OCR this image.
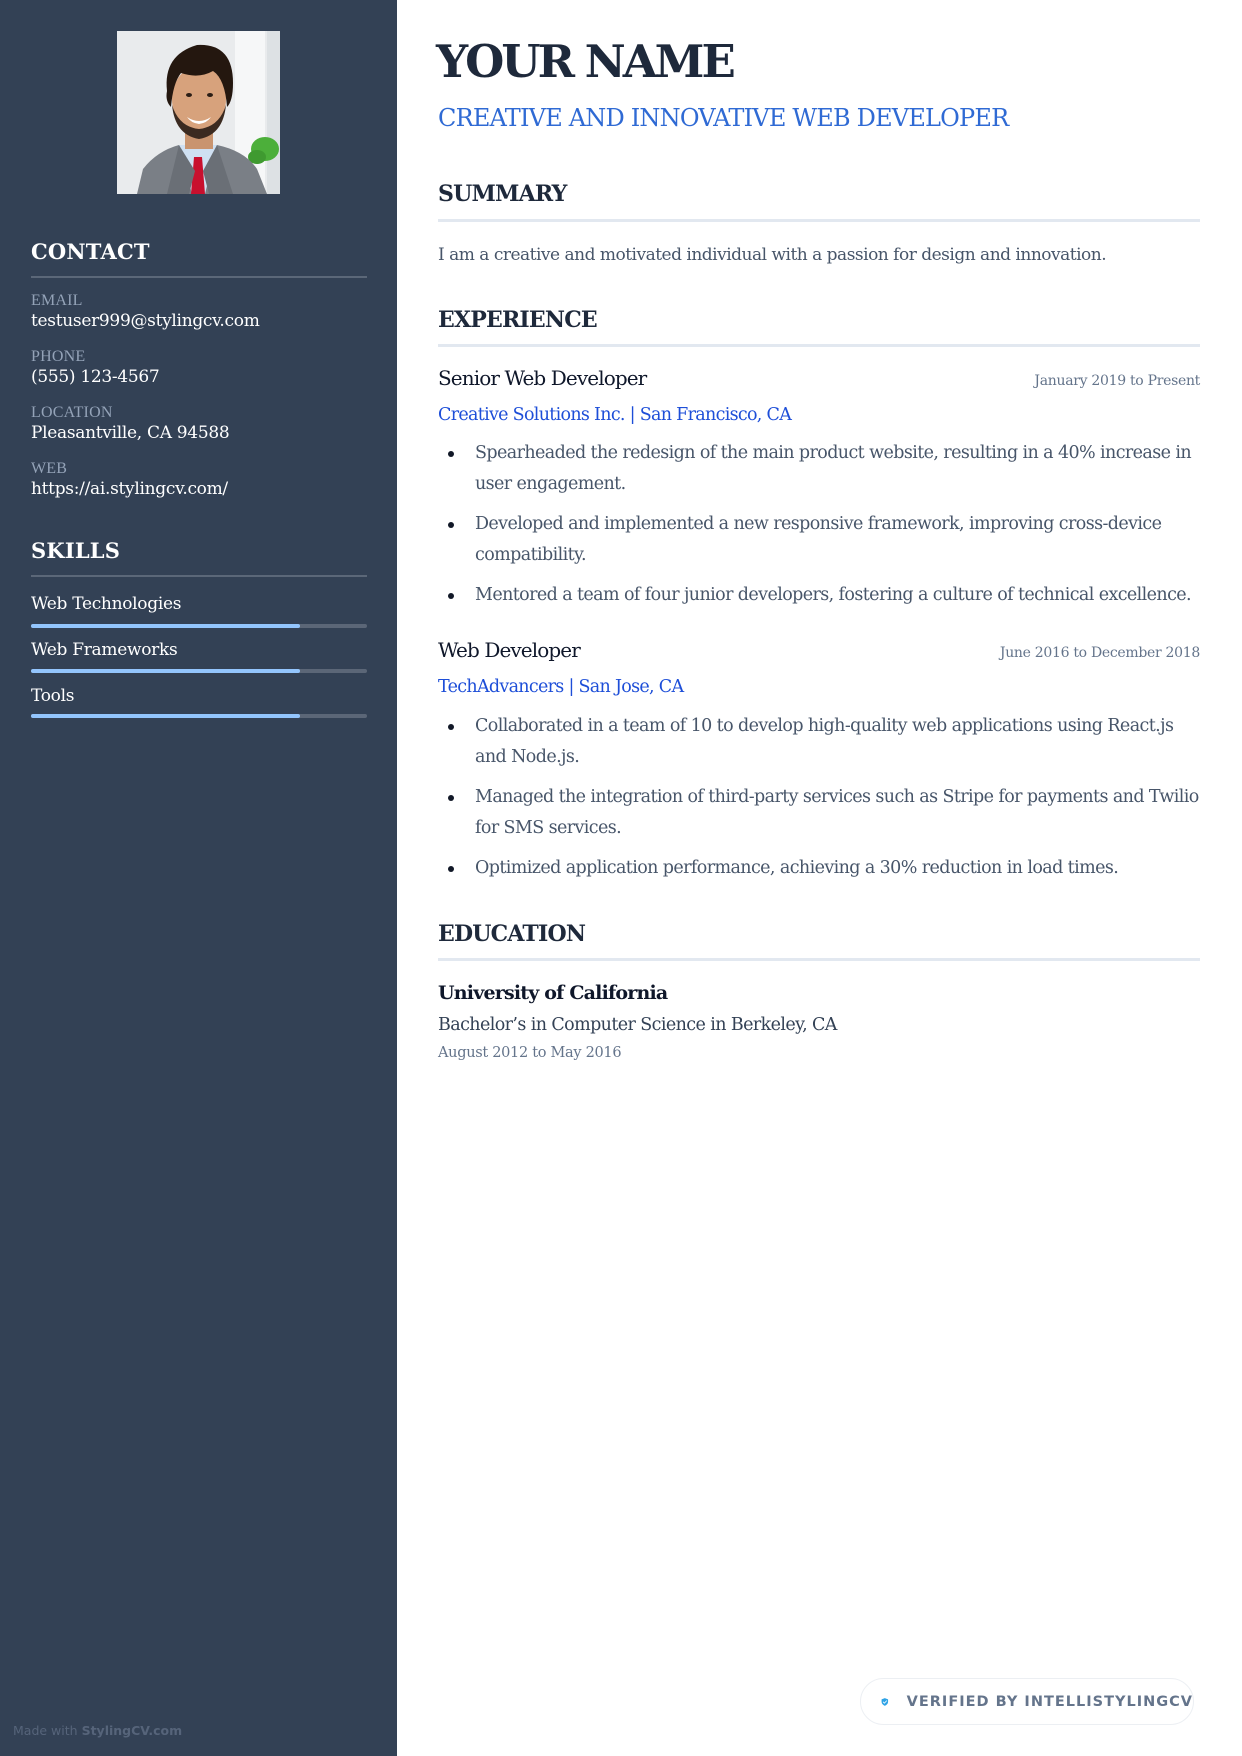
CONTACT
EMAIL
testuser999@stylingcv.com
PHONE
(555) 123-4567
LOCATION
Pleasantville, CA 94588
WEB
https://ai.stylingcv.com/
SKILLS
Web Technologies
Web Frameworks
Tools
Made with StylingCV.com
YOUR NAME
CREATIVE AND INNOVATIVE WEB DEVELOPER
SUMMARY

I am a creative and motivated individual with a passion for design and innovation.

EXPERIENCE
Senior Web Developer	January 2019 to Present
Creative Solutions Inc. | San Francisco, CA
Spearheaded the redesign of the main product website, resulting in a 40% increase in user engagement.
Developed and implemented a new responsive framework, improving cross-device compatibility.
Mentored a team of four junior developers, fostering a culture of technical excellence.
Web Developer	June 2016 to December 2018
TechAdvancers | San Jose, CA
Collaborated in a team of 10 to develop high-quality web applications using React.js and Node.js.
Managed the integration of third-party services such as Stripe for payments and Twilio for SMS services.
Optimized application performance, achieving a 30% reduction in load times.
EDUCATION
University of California
Bachelor’s in Computer Science in Berkeley, CA
August 2012 to May 2016
VERIFIED BY INTELLISTYLINGCV
